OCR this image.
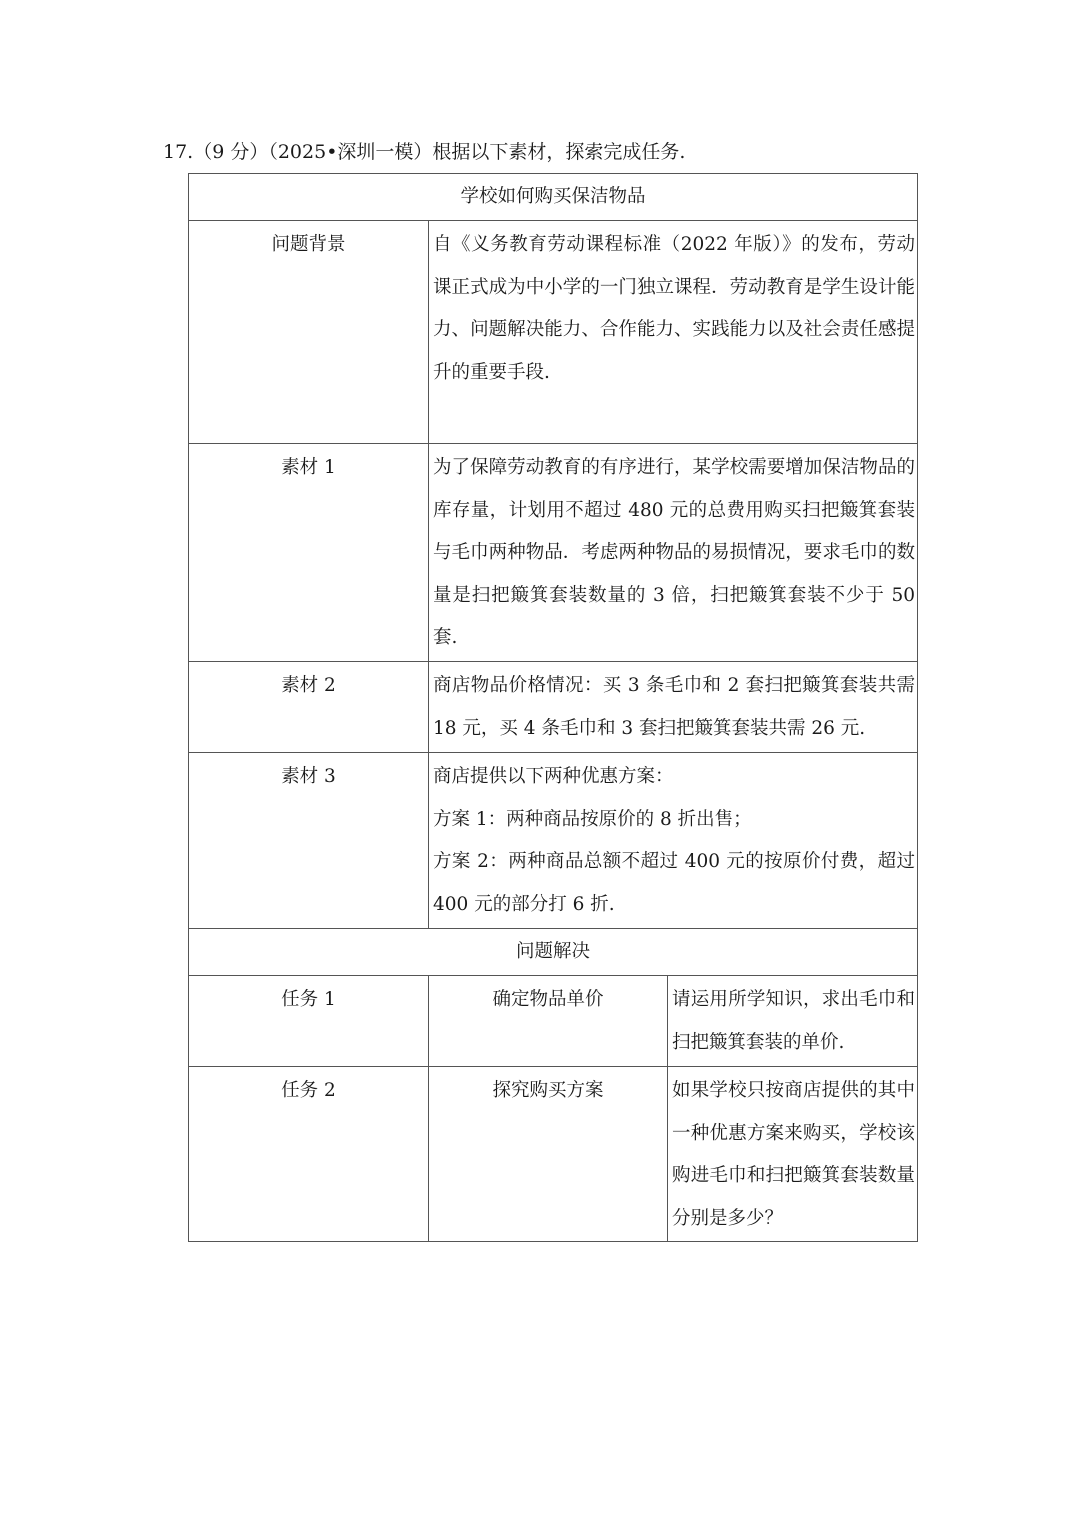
17.（9 分）（2025•深圳一模）根据以下素材，探索完成任务.
学校如何购买保洁物品		
问题背景	自《义务教育劳动课程标准（2022 年版）》的发布，劳动课正式成为中小学的一门独立课程．劳动教育是学生设计能力、问题解决能力、合作能力、实践能力以及社会责任感提升的重要手段.	
素材 1	为了保障劳动教育的有序进行，某学校需要增加保洁物品的库存量，计划用不超过 480 元的总费用购买扫把簸箕套装与毛巾两种物品．考虑两种物品的易损情况，要求毛巾的数量是扫把簸箕套装数量的 3 倍，扫把簸箕套装不少于 50 套.	
素材 2	商店物品价格情况：买 3 条毛巾和 2 套扫把簸箕套装共需 18 元，买 4 条毛巾和 3 套扫把簸箕套装共需 26 元.	
素材 3	商店提供以下两种优惠方案：
方案 1：两种商品按原价的 8 折出售；
方案 2：两种商品总额不超过 400 元的按原价付费，超过 400 元的部分打 6 折.	

问题解决		
任务 1	确定物品单价	请运用所学知识，求出毛巾和扫把簸箕套装的单价.
任务 2	探究购买方案	如果学校只按商店提供的其中一种优惠方案来购买，学校该购进毛巾和扫把簸箕套装数量分别是多少？
